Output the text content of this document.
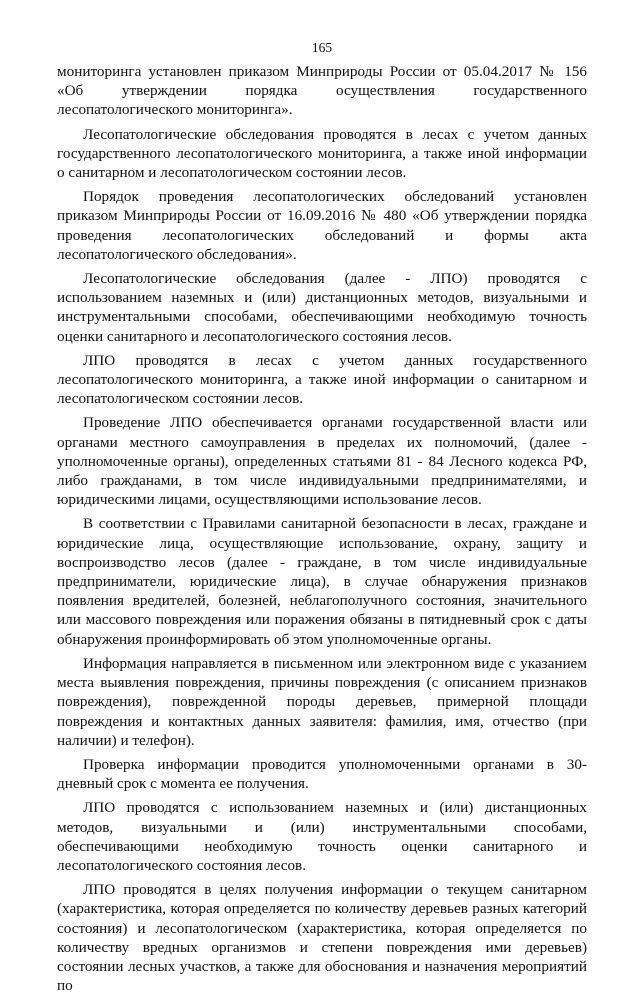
165

мониторинга установлен приказом Минприроды России от 05.04.2017 № 156 «Об утверждении порядка осуществления государственного лесопатологического мониторинга».

Лесопатологические обследования проводятся в лесах с учетом данных государственного лесопатологического мониторинга, а также иной информации о санитарном и лесопатологическом состоянии лесов.

Порядок проведения лесопатологических обследований установлен приказом Минприроды России от 16.09.2016 № 480 «Об утверждении порядка проведения лесопатологических обследований и формы акта лесопатологического обследования».

Лесопатологические обследования (далее - ЛПО) проводятся с использованием наземных и (или) дистанционных методов, визуальными и инструментальными способами, обеспечивающими необходимую точность оценки санитарного и лесопатологического состояния лесов.

ЛПО проводятся в лесах с учетом данных государственного лесопатологического мониторинга, а также иной информации о санитарном и лесопатологическом состоянии лесов.

Проведение ЛПО обеспечивается органами государственной власти или органами местного самоуправления в пределах их полномочий, (далее - уполномоченные органы), определенных статьями 81 - 84 Лесного кодекса РФ, либо гражданами, в том числе индивидуальными предпринимателями, и юридическими лицами, осуществляющими использование лесов.

В соответствии с Правилами санитарной безопасности в лесах, граждане и юридические лица, осуществляющие использование, охрану, защиту и воспроизводство лесов (далее - граждане, в том числе индивидуальные предприниматели, юридические лица), в случае обнаружения признаков появления вредителей, болезней, неблагополучного состояния, значительного или массового повреждения или поражения обязаны в пятидневный срок с даты обнаружения проинформировать об этом уполномоченные органы.

Информация направляется в письменном или электронном виде с указанием места выявления повреждения, причины повреждения (с описанием признаков повреждения), поврежденной породы деревьев, примерной площади повреждения и контактных данных заявителя: фамилия, имя, отчество (при наличии) и телефон).

Проверка информации проводится уполномоченными органами в 30-дневный срок с момента ее получения.

ЛПО проводятся с использованием наземных и (или) дистанционных методов, визуальными и (или) инструментальными способами, обеспечивающими необходимую точность оценки санитарного и лесопатологического состояния лесов.

ЛПО проводятся в целях получения информации о текущем санитарном (характеристика, которая определяется по количеству деревьев разных категорий состояния) и лесопатологическом (характеристика, которая определяется по количеству вредных организмов и степени повреждения ими деревьев) состоянии лесных участков, а также для обоснования и назначения мероприятий по
